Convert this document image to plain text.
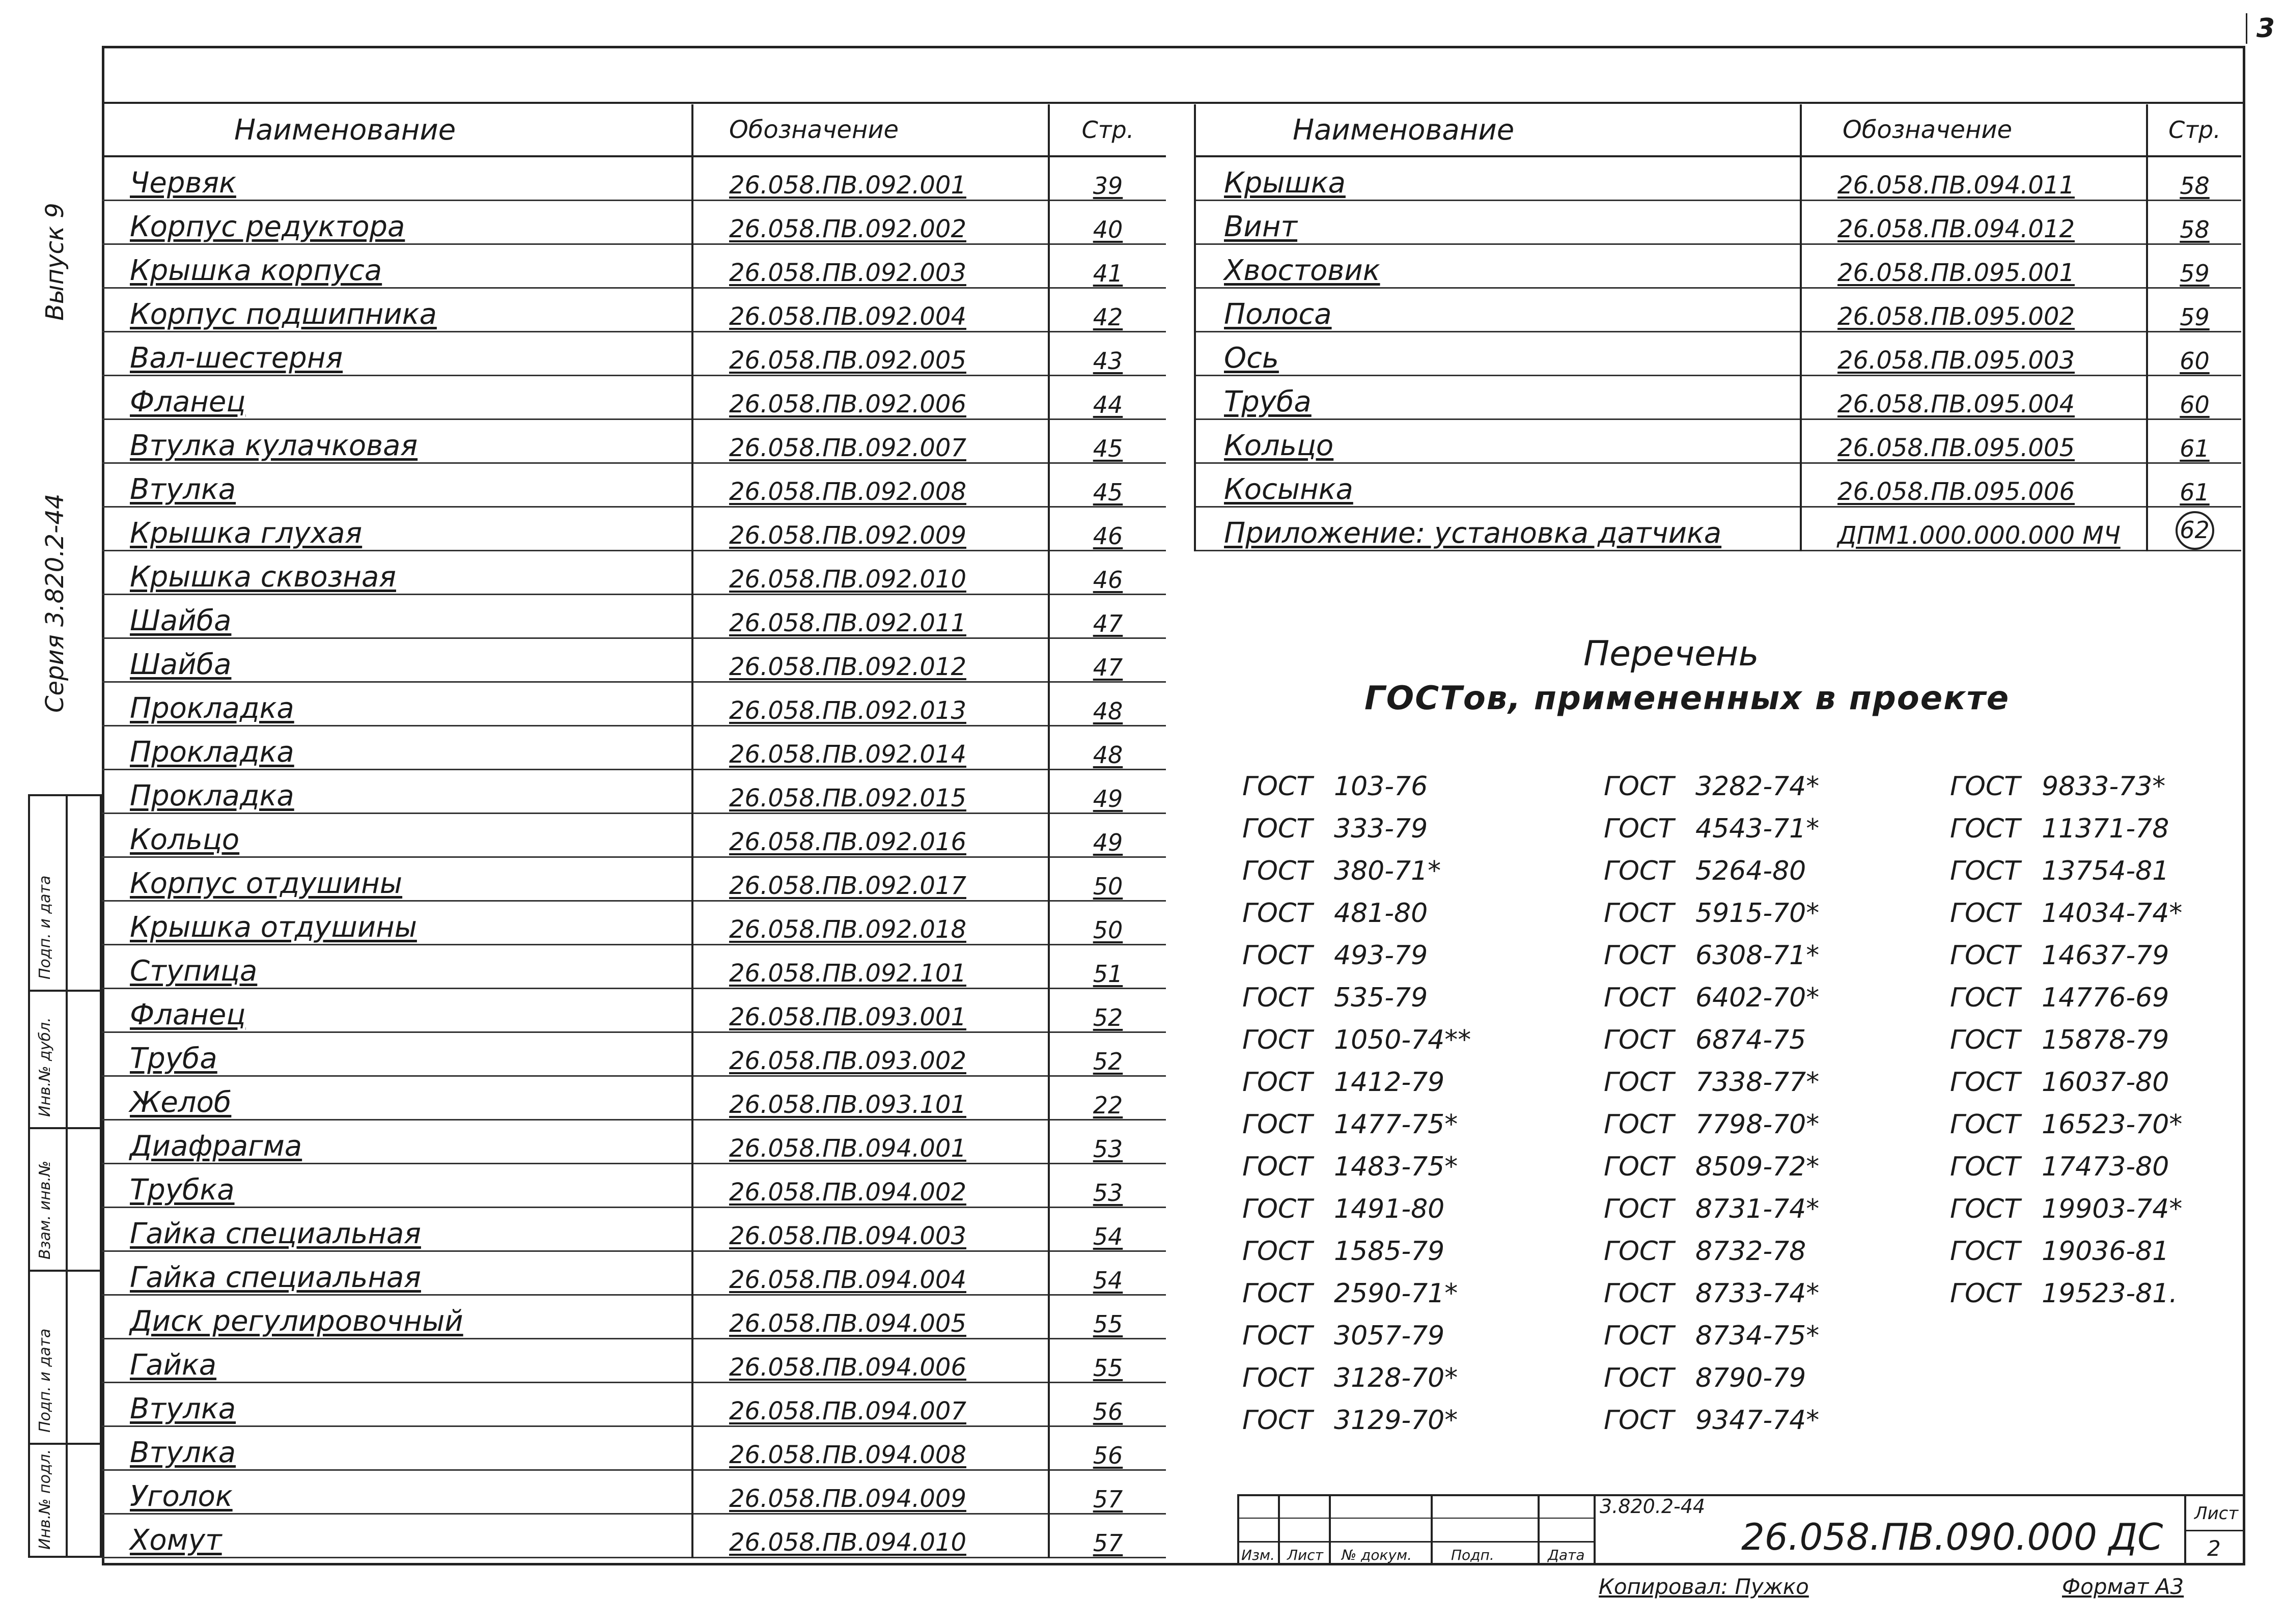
3
Выпуск 9
Серия 3.820.2-44
Подп. и дата
Инв.№ дубл.
Взам. инв.№
Подп. и дата
Инв.№ подл.
Наименование	Обозначение	Стр.
Червяк	26.058.ПВ.092.001	39
Корпус редуктора	26.058.ПВ.092.002	40
Крышка корпуса	26.058.ПВ.092.003	41
Корпус подшипника	26.058.ПВ.092.004	42
Вал-шестерня	26.058.ПВ.092.005	43
Фланец	26.058.ПВ.092.006	44
Втулка кулачковая	26.058.ПВ.092.007	45
Втулка	26.058.ПВ.092.008	45
Крышка глухая	26.058.ПВ.092.009	46
Крышка сквозная	26.058.ПВ.092.010	46
Шайба	26.058.ПВ.092.011	47
Шайба	26.058.ПВ.092.012	47
Прокладка	26.058.ПВ.092.013	48
Прокладка	26.058.ПВ.092.014	48
Прокладка	26.058.ПВ.092.015	49
Кольцо	26.058.ПВ.092.016	49
Корпус отдушины	26.058.ПВ.092.017	50
Крышка отдушины	26.058.ПВ.092.018	50
Ступица	26.058.ПВ.092.101	51
Фланец	26.058.ПВ.093.001	52
Труба	26.058.ПВ.093.002	52
Желоб	26.058.ПВ.093.101	22
Диафрагма	26.058.ПВ.094.001	53
Трубка	26.058.ПВ.094.002	53
Гайка специальная	26.058.ПВ.094.003	54
Гайка специальная	26.058.ПВ.094.004	54
Диск регулировочный	26.058.ПВ.094.005	55
Гайка	26.058.ПВ.094.006	55
Втулка	26.058.ПВ.094.007	56
Втулка	26.058.ПВ.094.008	56
Уголок	26.058.ПВ.094.009	57
Хомут	26.058.ПВ.094.010	57
Наименование	Обозначение	Стр.
Крышка	26.058.ПВ.094.011	58
Винт	26.058.ПВ.094.012	58
Хвостовик	26.058.ПВ.095.001	59
Полоса	26.058.ПВ.095.002	59
Ось	26.058.ПВ.095.003	60
Труба	26.058.ПВ.095.004	60
Кольцо	26.058.ПВ.095.005	61
Косынка	26.058.ПВ.095.006	61
Приложение: установка датчика	ДПМ1.000.000.000 МЧ	62
Перечень
ГОСТов, примененных в проекте
ГОСТ 103-76
ГОСТ 333-79
ГОСТ 380-71*
ГОСТ 481-80
ГОСТ 493-79
ГОСТ 535-79
ГОСТ 1050-74**
ГОСТ 1412-79
ГОСТ 1477-75*
ГОСТ 1483-75*
ГОСТ 1491-80
ГОСТ 1585-79
ГОСТ 2590-71*
ГОСТ 3057-79
ГОСТ 3128-70*
ГОСТ 3129-70*
ГОСТ 3282-74*
ГОСТ 4543-71*
ГОСТ 5264-80
ГОСТ 5915-70*
ГОСТ 6308-71*
ГОСТ 6402-70*
ГОСТ 6874-75
ГОСТ 7338-77*
ГОСТ 7798-70*
ГОСТ 8509-72*
ГОСТ 8731-74*
ГОСТ 8732-78
ГОСТ 8733-74*
ГОСТ 8734-75*
ГОСТ 8790-79
ГОСТ 9347-74*
ГОСТ 9833-73*
ГОСТ 11371-78
ГОСТ 13754-81
ГОСТ 14034-74*
ГОСТ 14637-79
ГОСТ 14776-69
ГОСТ 15878-79
ГОСТ 16037-80
ГОСТ 16523-70*
ГОСТ 17473-80
ГОСТ 19903-74*
ГОСТ 19036-81
ГОСТ 19523-81.
Изм. Лист № докум.	Подп.	Дата
3.820.2-44
26.058.ПВ.090.000 ДС
Лист
2
Копировал: Пужко	Формат А3
